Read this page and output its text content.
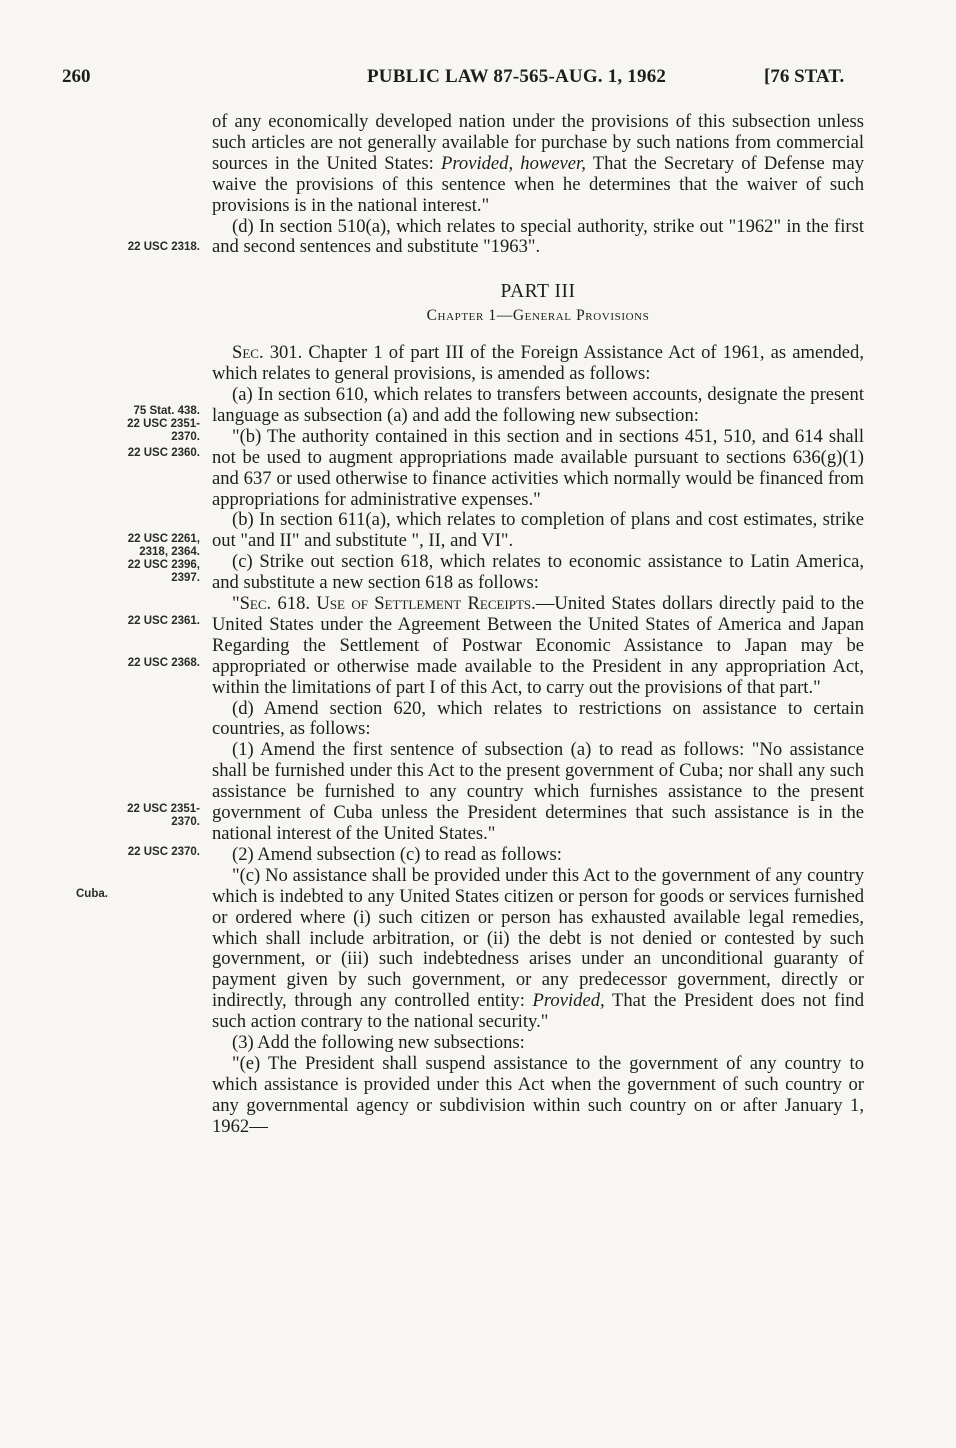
260	PUBLIC LAW 87-565-AUG. 1, 1962	[76 STAT.
22 USC 2318.
75 Stat. 438.
22 USC 2351-
2370.
22 USC 2360.
22 USC 2261,
2318, 2364.
22 USC 2396,
2397.
22 USC 2361.
22 USC 2368.
22 USC 2351-
2370.
22 USC 2370.
Cuba.

of any economically developed nation under the provisions of this subsection unless such articles are not generally available for purchase by such nations from commercial sources in the United States: Provided, however, That the Secretary of Defense may waive the provisions of this sentence when he determines that the waiver of such provisions is in the national interest."

(d) In section 510(a), which relates to special authority, strike out "1962" in the first and second sentences and substitute "1963".

PART III
Chapter 1—General Provisions

Sec. 301. Chapter 1 of part III of the Foreign Assistance Act of 1961, as amended, which relates to general provisions, is amended as follows:

(a) In section 610, which relates to transfers between accounts, designate the present language as subsection (a) and add the following new subsection:

"(b) The authority contained in this section and in sections 451, 510, and 614 shall not be used to augment appropriations made available pursuant to sections 636(g)(1) and 637 or used otherwise to finance activities which normally would be financed from appropriations for administrative expenses."

(b) In section 611(a), which relates to completion of plans and cost estimates, strike out "and II" and substitute ", II, and VI".

(c) Strike out section 618, which relates to economic assistance to Latin America, and substitute a new section 618 as follows:

"Sec. 618. Use of Settlement Receipts.—United States dollars directly paid to the United States under the Agreement Between the United States of America and Japan Regarding the Settlement of Postwar Economic Assistance to Japan may be appropriated or otherwise made available to the President in any appropriation Act, within the limitations of part I of this Act, to carry out the provisions of that part."

(d) Amend section 620, which relates to restrictions on assistance to certain countries, as follows:

(1) Amend the first sentence of subsection (a) to read as follows: "No assistance shall be furnished under this Act to the present government of Cuba; nor shall any such assistance be furnished to any country which furnishes assistance to the present government of Cuba unless the President determines that such assistance is in the national interest of the United States."

(2) Amend subsection (c) to read as follows:

"(c) No assistance shall be provided under this Act to the government of any country which is indebted to any United States citizen or person for goods or services furnished or ordered where (i) such citizen or person has exhausted available legal remedies, which shall include arbitration, or (ii) the debt is not denied or contested by such government, or (iii) such indebtedness arises under an unconditional guaranty of payment given by such government, or any predecessor government, directly or indirectly, through any controlled entity: Provided, That the President does not find such action contrary to the national security."

(3) Add the following new subsections:

"(e) The President shall suspend assistance to the government of any country to which assistance is provided under this Act when the government of such country or any governmental agency or subdivision within such country on or after January 1, 1962—
